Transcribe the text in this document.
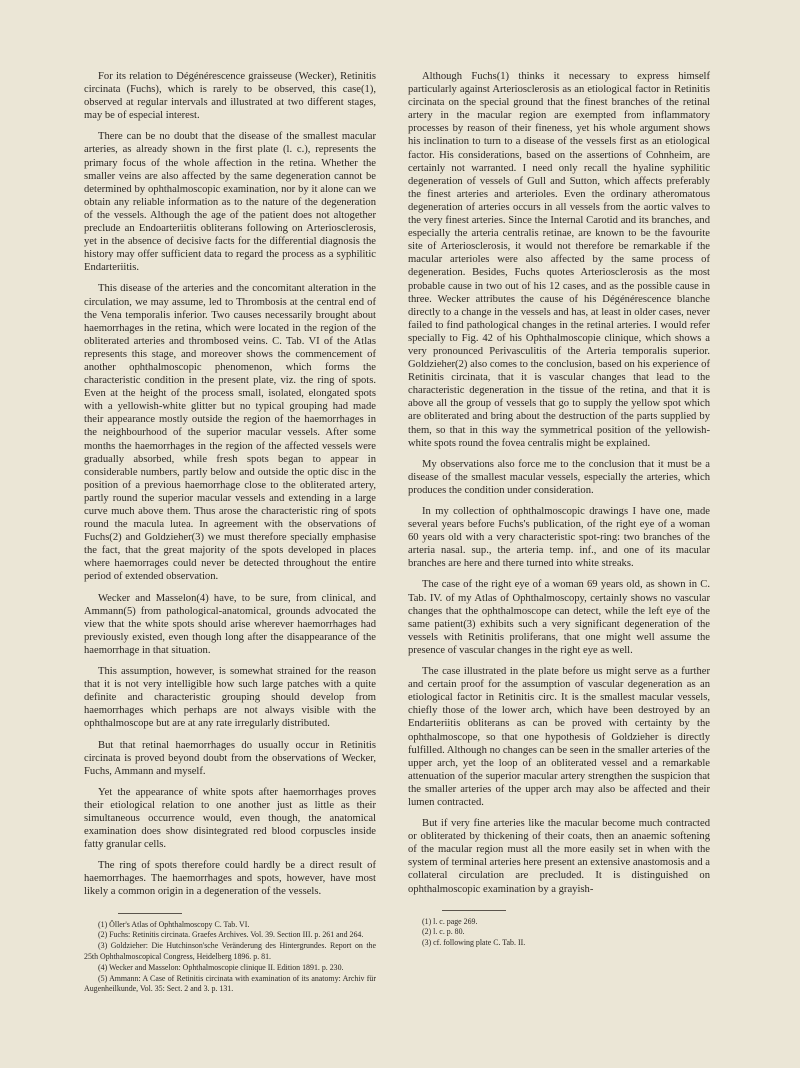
For its relation to Dégénérescence graisseuse (Wecker), Retinitis circinata (Fuchs), which is rarely to be observed, this case(1), observed at regular intervals and illustrated at two different stages, may be of especial interest.

There can be no doubt that the disease of the smallest macular arteries, as already shown in the first plate (l. c.), represents the primary focus of the whole affection in the retina. Whether the smaller veins are also affected by the same degeneration cannot be determined by ophthalmoscopic examination, nor by it alone can we obtain any reliable information as to the nature of the degeneration of the vessels. Although the age of the patient does not altogether preclude an Endoarteriitis obliterans following on Arteriosclerosis, yet in the absence of decisive facts for the differential diagnosis the history may offer sufficient data to regard the process as a syphilitic Endarteriitis.

This disease of the arteries and the concomitant alteration in the circulation, we may assume, led to Thrombosis at the central end of the Vena temporalis inferior. Two causes necessarily brought about haemorrhages in the retina, which were located in the region of the obliterated arteries and thrombosed veins. C. Tab. VI of the Atlas represents this stage, and moreover shows the commencement of another ophthalmoscopic phenomenon, which forms the characteristic condition in the present plate, viz. the ring of spots. Even at the height of the process small, isolated, elongated spots with a yellowish-white glitter but no typical grouping had made their appearance mostly outside the region of the haemorrhages in the neighbourhood of the superior macular vessels. After some months the haemorrhages in the region of the affected vessels were gradually absorbed, while fresh spots began to appear in considerable numbers, partly below and outside the optic disc in the position of a previous haemorrhage close to the obliterated artery, partly round the superior macular vessels and extending in a large curve much above them. Thus arose the characteristic ring of spots round the macula lutea. In agreement with the observations of Fuchs(2) and Goldzieher(3) we must therefore specially emphasise the fact, that the great majority of the spots developed in places where haemorrages could never be detected throughout the entire period of extended observation.

Wecker and Masselon(4) have, to be sure, from clinical, and Ammann(5) from pathological-anatomical, grounds advocated the view that the white spots should arise wherever haemorrhages had previously existed, even though long after the disappearance of the haemorrhage in that situation.

This assumption, however, is somewhat strained for the reason that it is not very intelligible how such large patches with a quite definite and characteristic grouping should develop from haemorrhages which perhaps are not always visible with the ophthalmoscope but are at any rate irregularly distributed.

But that retinal haemorrhages do usually occur in Retinitis circinata is proved beyond doubt from the observations of Wecker, Fuchs, Ammann and myself.

Yet the appearance of white spots after haemorrhages proves their etiological relation to one another just as little as their simultaneous occurrence would, even though, the anatomical examination does show disintegrated red blood corpuscles inside fatty granular cells.

The ring of spots therefore could hardly be a direct result of haemorrhages. The haemorrhages and spots, however, have most likely a common origin in a degeneration of the vessels.

(1) Öller's Atlas of Ophthalmoscopy C. Tab. VI.
(2) Fuchs: Retinitis circinata. Graefes Archives. Vol. 39. Section III. p. 261 and 264.
(3) Goldzieher: Die Hutchinson'sche Veränderung des Hintergrundes. Report on the 25th Ophthalmoscopical Congress, Heidelberg 1896. p. 81.
(4) Wecker and Masselon: Ophthalmoscopie clinique II. Edition 1891. p. 230.
(5) Ammann: A Case of Retinitis circinata with examination of its anatomy: Archiv für Augenheilkunde, Vol. 35: Sect. 2 and 3. p. 131.

Although Fuchs(1) thinks it necessary to express himself particularly against Arteriosclerosis as an etiological factor in Retinitis circinata on the special ground that the finest branches of the retinal artery in the macular region are exempted from inflammatory processes by reason of their fineness, yet his whole argument shows his inclination to turn to a disease of the vessels first as an etiological factor. His considerations, based on the assertions of Cohnheim, are certainly not warranted. I need only recall the hyaline syphilitic degeneration of vessels of Gull and Sutton, which affects preferably the finest arteries and arterioles. Even the ordinary atheromatous degeneration of arteries occurs in all vessels from the aortic valves to the very finest arteries. Since the Internal Carotid and its branches, and especially the arteria centralis retinae, are known to be the favourite site of Arteriosclerosis, it would not therefore be remarkable if the macular arterioles were also affected by the same process of degeneration. Besides, Fuchs quotes Arteriosclerosis as the most probable cause in two out of his 12 cases, and as the possible cause in three. Wecker attributes the cause of his Dégénérescence blanche directly to a change in the vessels and has, at least in older cases, never failed to find pathological changes in the retinal arteries. I would refer specially to Fig. 42 of his Ophthalmoscopie clinique, which shows a very pronounced Perivasculitis of the Arteria temporalis superior. Goldzieher(2) also comes to the conclusion, based on his experience of Retinitis circinata, that it is vascular changes that lead to the characteristic degeneration in the tissue of the retina, and that it is above all the group of vessels that go to supply the yellow spot which are obliterated and bring about the destruction of the parts supplied by them, so that in this way the symmetrical position of the yellowish-white spots round the fovea centralis might be explained.

My observations also force me to the conclusion that it must be a disease of the smallest macular vessels, especially the arteries, which produces the condition under consideration.

In my collection of ophthalmoscopic drawings I have one, made several years before Fuchs's publication, of the right eye of a woman 60 years old with a very characteristic spot-ring: two branches of the arteria nasal. sup., the arteria temp. inf., and one of its macular branches are here and there turned into white streaks.

The case of the right eye of a woman 69 years old, as shown in C. Tab. IV. of my Atlas of Ophthalmoscopy, certainly shows no vascular changes that the ophthalmoscope can detect, while the left eye of the same patient(3) exhibits such a very significant degeneration of the vessels with Retinitis proliferans, that one might well assume the presence of vascular changes in the right eye as well.

The case illustrated in the plate before us might serve as a further and certain proof for the assumption of vascular degeneration as an etiological factor in Retinitis circ. It is the smallest macular vessels, chiefly those of the lower arch, which have been destroyed by an Endarteriitis obliterans as can be proved with certainty by the ophthalmoscope, so that one hypothesis of Goldzieher is directly fulfilled. Although no changes can be seen in the smaller arteries of the upper arch, yet the loop of an obliterated vessel and a remarkable attenuation of the superior macular artery strengthen the suspicion that the smaller arteries of the upper arch may also be affected and their lumen contracted.

But if very fine arteries like the macular become much contracted or obliterated by thickening of their coats, then an anaemic softening of the macular region must all the more easily set in when with the system of terminal arteries here present an extensive anastomosis and a collateral circulation are precluded. It is distinguished on ophthalmoscopic examination by a grayish-

(1) l. c. page 269.
(2) l. c. p. 80.
(3) cf. following plate C. Tab. II.
